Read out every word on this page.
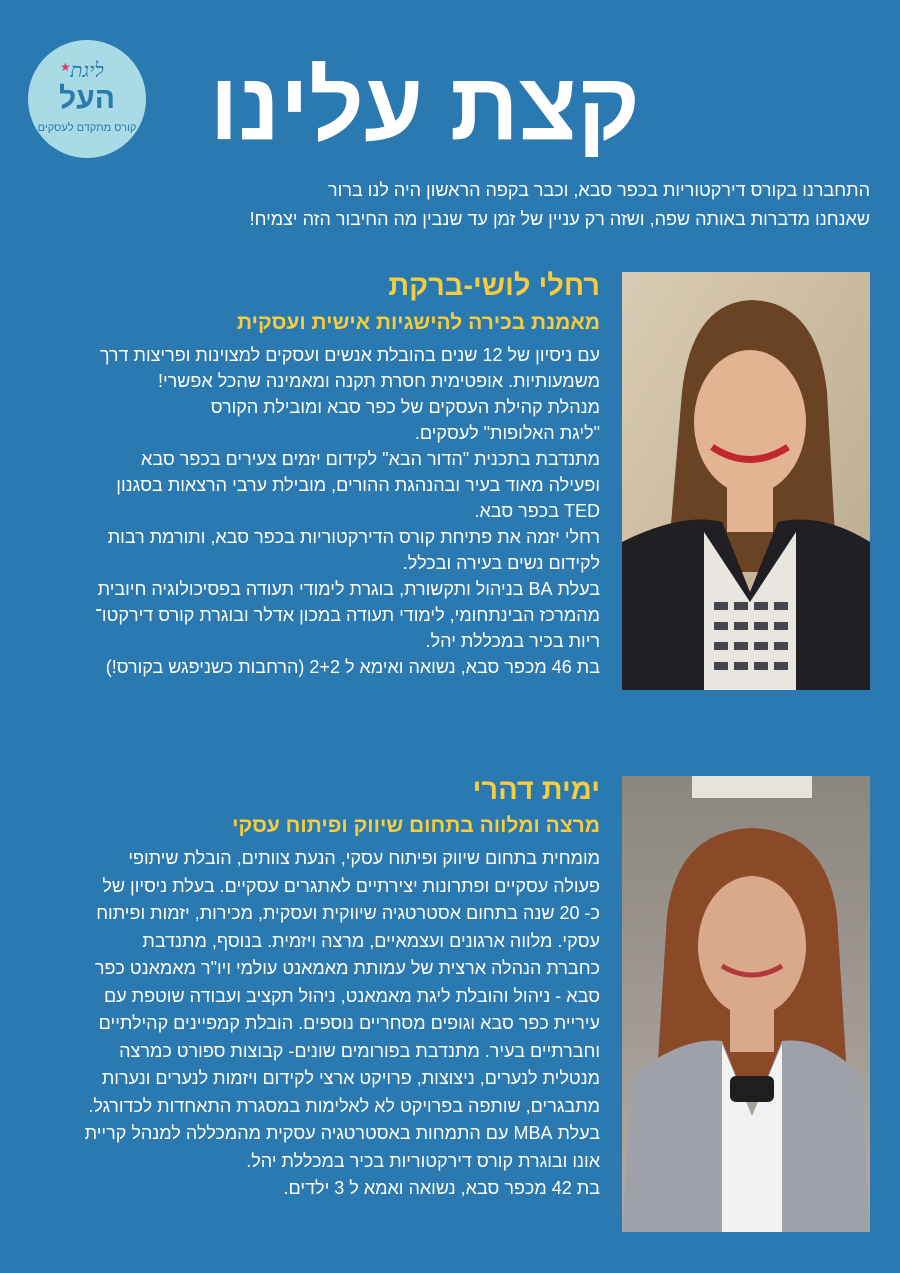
ליגת
★
העל
קורס מתקדם לעסקים קצת עלינו
התחברנו בקורס דירקטוריות בכפר סבא, וכבר בקפה הראשון היה לנו ברור
שאנחנו מדברות באותה שפה, ושזה רק עניין של זמן עד שנבין מה החיבור הזה יצמיח!
רחלי לושי-ברקת
מאמנת בכירה להישגיות אישית ועסקית
עם ניסיון של 12 שנים בהובלת אנשים ועסקים למצוינות ופריצות דרך
משמעותיות. אופטימית חסרת תקנה ומאמינה שהכל אפשרי!
מנהלת קהילת העסקים של כפר סבא ומובילת הקורס
"ליגת האלופות" לעסקים.
מתנדבת בתכנית "הדור הבא" לקידום יזמים צעירים בכפר סבא
ופעילה מאוד בעיר ובהנהגת ההורים, מובילת ערבי הרצאות בסגנון
TED בכפר סבא.
רחלי יזמה את פתיחת קורס הדירקטוריות בכפר סבא, ותורמת רבות
לקידום נשים בעירה ובכלל.
בעלת BA בניהול ותקשורת, בוגרת לימודי תעודה בפסיכולוגיה חיובית
מהמרכז הבינתחומי, לימודי תעודה במכון אדלר ובוגרת קורס דירקטו־
ריות בכיר במכללת יהל.
בת 46 מכפר סבא, נשואה ואימא ל 2+2 (הרחבות כשניפגש בקורס!)
ימית דהרי
מרצה ומלווה בתחום שיווק ופיתוח עסקי
מומחית בתחום שיווק ופיתוח עסקי, הנעת צוותים, הובלת שיתופי
פעולה עסקיים ופתרונות יצירתיים לאתגרים עסקיים. בעלת ניסיון של
כ- 20 שנה בתחום אסטרטגיה שיווקית ועסקית, מכירות, יזמות ופיתוח
עסקי. מלווה ארגונים ועצמאיים, מרצה ויזמית. בנוסף, מתנדבת
כחברת הנהלה ארצית של עמותת מאמאנט עולמי ויו"ר מאמאנט כפר
סבא - ניהול והובלת ליגת מאמאנט, ניהול תקציב ועבודה שוטפת עם
עיריית כפר סבא וגופים מסחריים נוספים. הובלת קמפיינים קהילתיים
וחברתיים בעיר. מתנדבת בפורומים שונים- קבוצות ספורט כמרצה
מנטלית לנערים, ניצוצות, פרויקט ארצי לקידום ויזמות לנערים ונערות
מתבגרים, שותפה בפרויקט לא לאלימות במסגרת התאחדות לכדורגל.
בעלת MBA עם התמחות באסטרטגיה עסקית מהמכללה למנהל קריית
אונו ובוגרת קורס דירקטוריות בכיר במכללת יהל.
בת 42 מכפר סבא, נשואה ואמא ל 3 ילדים.
